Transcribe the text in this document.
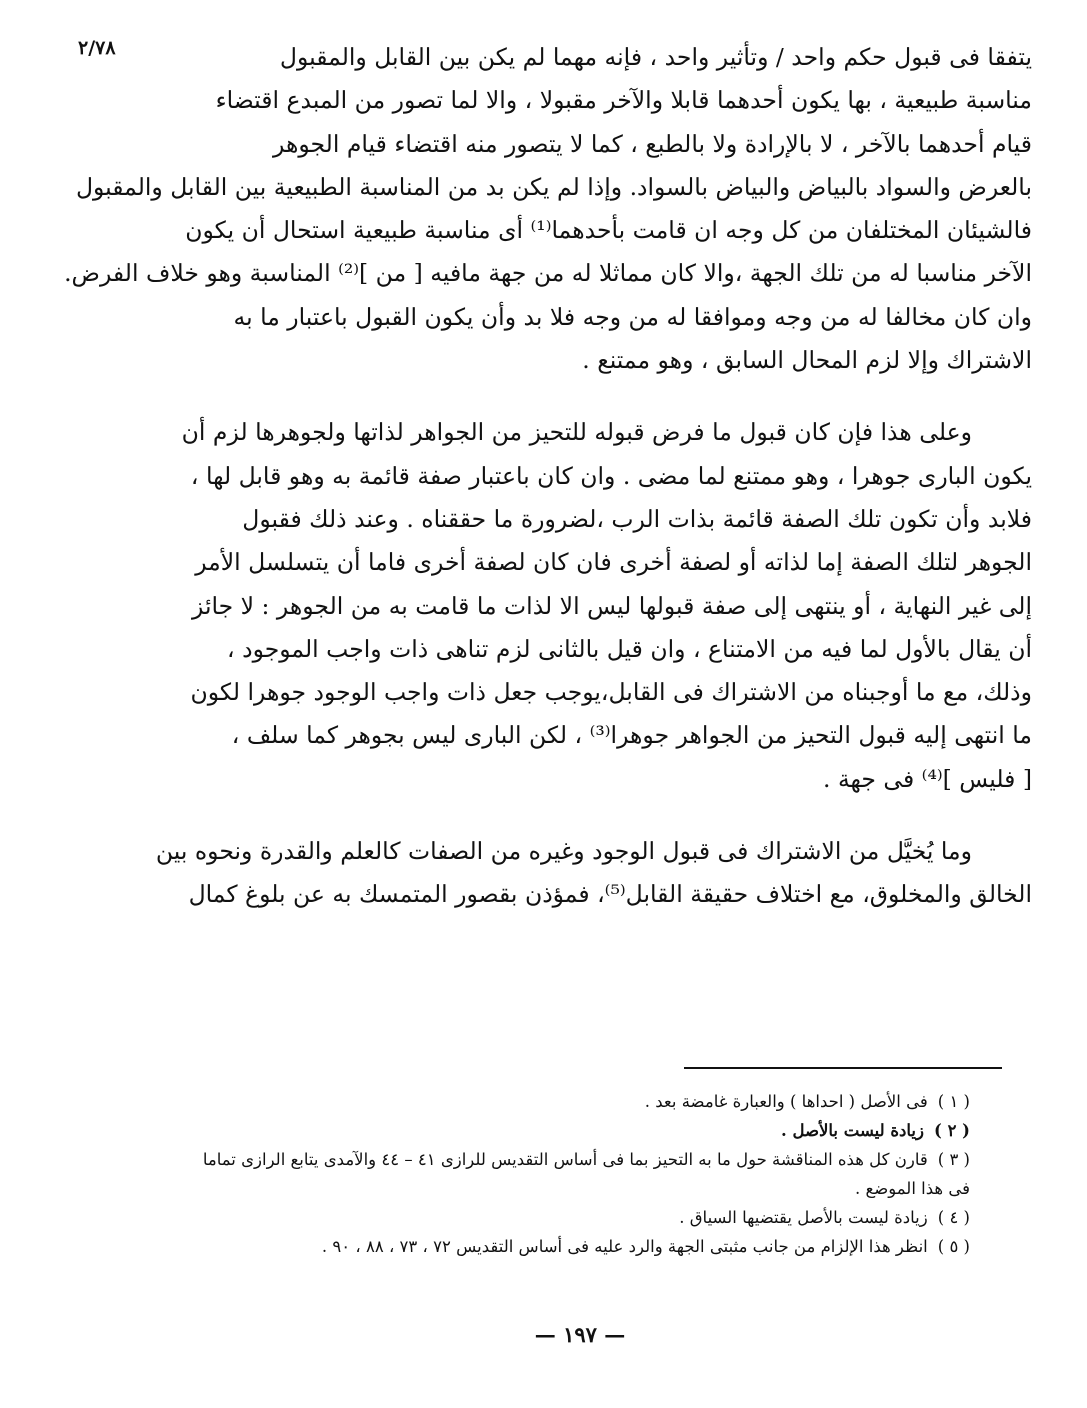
٢/٧٨	يتفقا فى قبول حكم واحد / وتأثير واحد ، فإنه مهما لم يكن بين القابل والمقبول
مناسبة طبيعية ، بها يكون أحدهما قابلا والآخر مقبولا ، والا لما تصور من المبدع اقتضاء
قيام أحدهما بالآخر ، لا بالإرادة ولا بالطبع ، كما لا يتصور منه اقتضاء قيام الجوهر
بالعرض والسواد بالبياض والبياض بالسواد. وإذا لم يكن بد من المناسبة الطبيعية بين القابل والمقبول
فالشيئان المختلفان من كل وجه ان قامت بأحدهما⁽¹⁾ أى مناسبة طبيعية استحال أن يكون
الآخر مناسبا له من تلك الجهة ،والا كان مماثلا له من جهة مافيه [ من ]⁽²⁾ المناسبة وهو خلاف الفرض.
وان كان مخالفا له من وجه وموافقا له من وجه فلا بد وأن يكون القبول باعتبار ما به
الاشتراك وإلا لزم المحال السابق ، وهو ممتنع .

وعلى هذا فإن كان قبول ما فرض قبوله للتحيز من الجواهر لذاتها ولجوهرها لزم أن
يكون البارى جوهرا ، وهو ممتنع لما مضى . وان كان باعتبار صفة قائمة به وهو قابل لها ،
فلابد وأن تكون تلك الصفة قائمة بذات الرب ،لضرورة ما حققناه . وعند ذلك فقبول
الجوهر لتلك الصفة إما لذاته أو لصفة أخرى فان كان لصفة أخرى فاما أن يتسلسل الأمر
إلى غير النهاية ، أو ينتهى إلى صفة قبولها ليس الا لذات ما قامت به من الجوهر : لا جائز
أن يقال بالأول لما فيه من الامتناع ، وان قيل بالثانى لزم تناهى ذات واجب الموجود ،
وذلك، مع ما أوجبناه من الاشتراك فى القابل،يوجب جعل ذات واجب الوجود جوهرا لكون
ما انتهى إليه قبول التحيز من الجواهر جوهرا⁽³⁾ ، لكن البارى ليس بجوهر كما سلف ،
[ فليس ]⁽⁴⁾ فى جهة .

وما يُخيَّل من الاشتراك فى قبول الوجود وغيره من الصفات كالعلم والقدرة ونحوه بين
الخالق والمخلوق، مع اختلاف حقيقة القابل⁽⁵⁾، فمؤذن بقصور المتمسك به عن بلوغ كمال

( ١ )فى الأصل ( احداها ) والعبارة غامضة بعد .
( ٢ )زيادة ليست بالأصل .
( ٣ )قارن كل هذه المناقشة حول ما به التحيز بما فى أساس التقديس للرازى ٤١ – ٤٤ والآمدى يتابع الرازى تماما
فى هذا الموضع .
( ٤ )زيادة ليست بالأصل يقتضيها السياق .
( ٥ )انظر هذا الإلزام من جانب مثبتى الجهة والرد عليه فى أساس التقديس ٧٢ ، ٧٣ ، ٨٨ ، ٩٠ .
— ١٩٧ —
